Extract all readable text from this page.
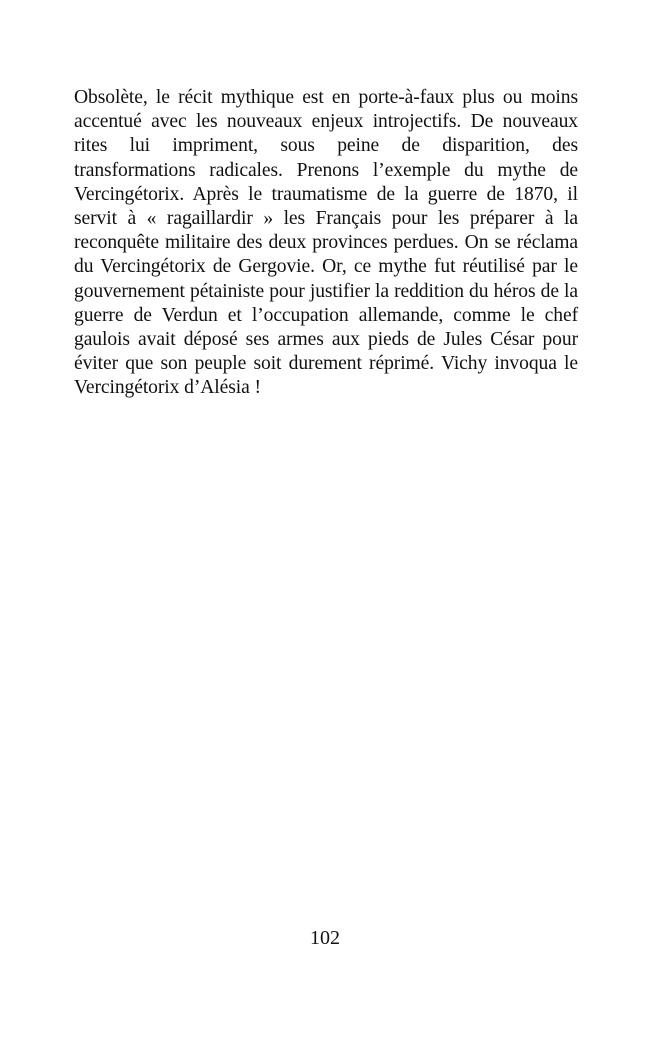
Obsolète, le récit mythique est en porte-à-faux plus ou moins accentué avec les nouveaux enjeux introjectifs. De nouveaux rites lui impriment, sous peine de disparition, des transformations radicales. Prenons l’exemple du mythe de Vercingétorix. Après le traumatisme de la guerre de 1870, il servit à « ragaillardir » les Français pour les préparer à la reconquête militaire des deux provinces perdues. On se réclama du Vercingétorix de Gergovie. Or, ce mythe fut réutilisé par le gouvernement pétainiste pour justifier la reddition du héros de la guerre de Verdun et l’occupation allemande, comme le chef gaulois avait déposé ses armes aux pieds de Jules César pour éviter que son peuple soit durement réprimé. Vichy invoqua le Vercingétorix d’Alésia !

102
